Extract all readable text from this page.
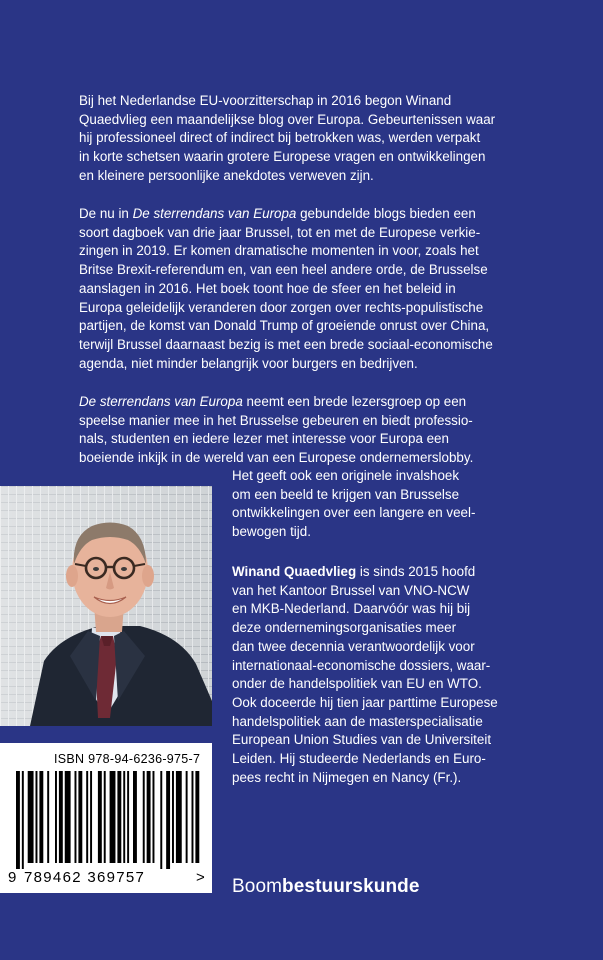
Bij het Nederlandse EU-voorzitterschap in 2016 begon Winand
Quaedvlieg een maandelijkse blog over Europa. Gebeurtenissen waar
hij professioneel direct of indirect bij betrokken was, werden verpakt
in korte schetsen waarin grotere Europese vragen en ontwikkelingen
en kleinere persoonlijke anekdotes verweven zijn.

De nu in De sterrendans van Europa gebundelde blogs bieden een
soort dagboek van drie jaar Brussel, tot en met de Europese verkie-
zingen in 2019. Er komen dramatische momenten in voor, zoals het
Britse Brexit-referendum en, van een heel andere orde, de Brusselse
aanslagen in 2016. Het boek toont hoe de sfeer en het beleid in
Europa geleidelijk veranderen door zorgen over rechts-populistische
partijen, de komst van Donald Trump of groeiende onrust over China,
terwijl Brussel daarnaast bezig is met een brede sociaal-economische
agenda, niet minder belangrijk voor burgers en bedrijven.

De sterrendans van Europa neemt een brede lezersgroep op een
speelse manier mee in het Brusselse gebeuren en biedt professio-
nals, studenten en iedere lezer met interesse voor Europa een
boeiende inkijk in de wereld van een Europese ondernemerslobby.

Het geeft ook een originele invalshoek
om een beeld te krijgen van Brusselse
ontwikkelingen over een langere en veel-
bewogen tijd.

Winand Quaedvlieg is sinds 2015 hoofd
van het Kantoor Brussel van VNO-NCW
en MKB-Nederland. Daarvóór was hij bij
deze ondernemingsorganisaties meer
dan twee decennia verantwoordelijk voor
internationaal-economische dossiers, waar-
onder de handelspolitiek van EU en WTO.
Ook doceerde hij tien jaar parttime Europese
handelspolitiek aan de masterspecialisatie
European Union Studies van de Universiteit
Leiden. Hij studeerde Nederlands en Euro-
pees recht in Nijmegen en Nancy (Fr.).

ISBN 978-94-6236-975-7
9 789462 369757	> Boombestuurskunde
